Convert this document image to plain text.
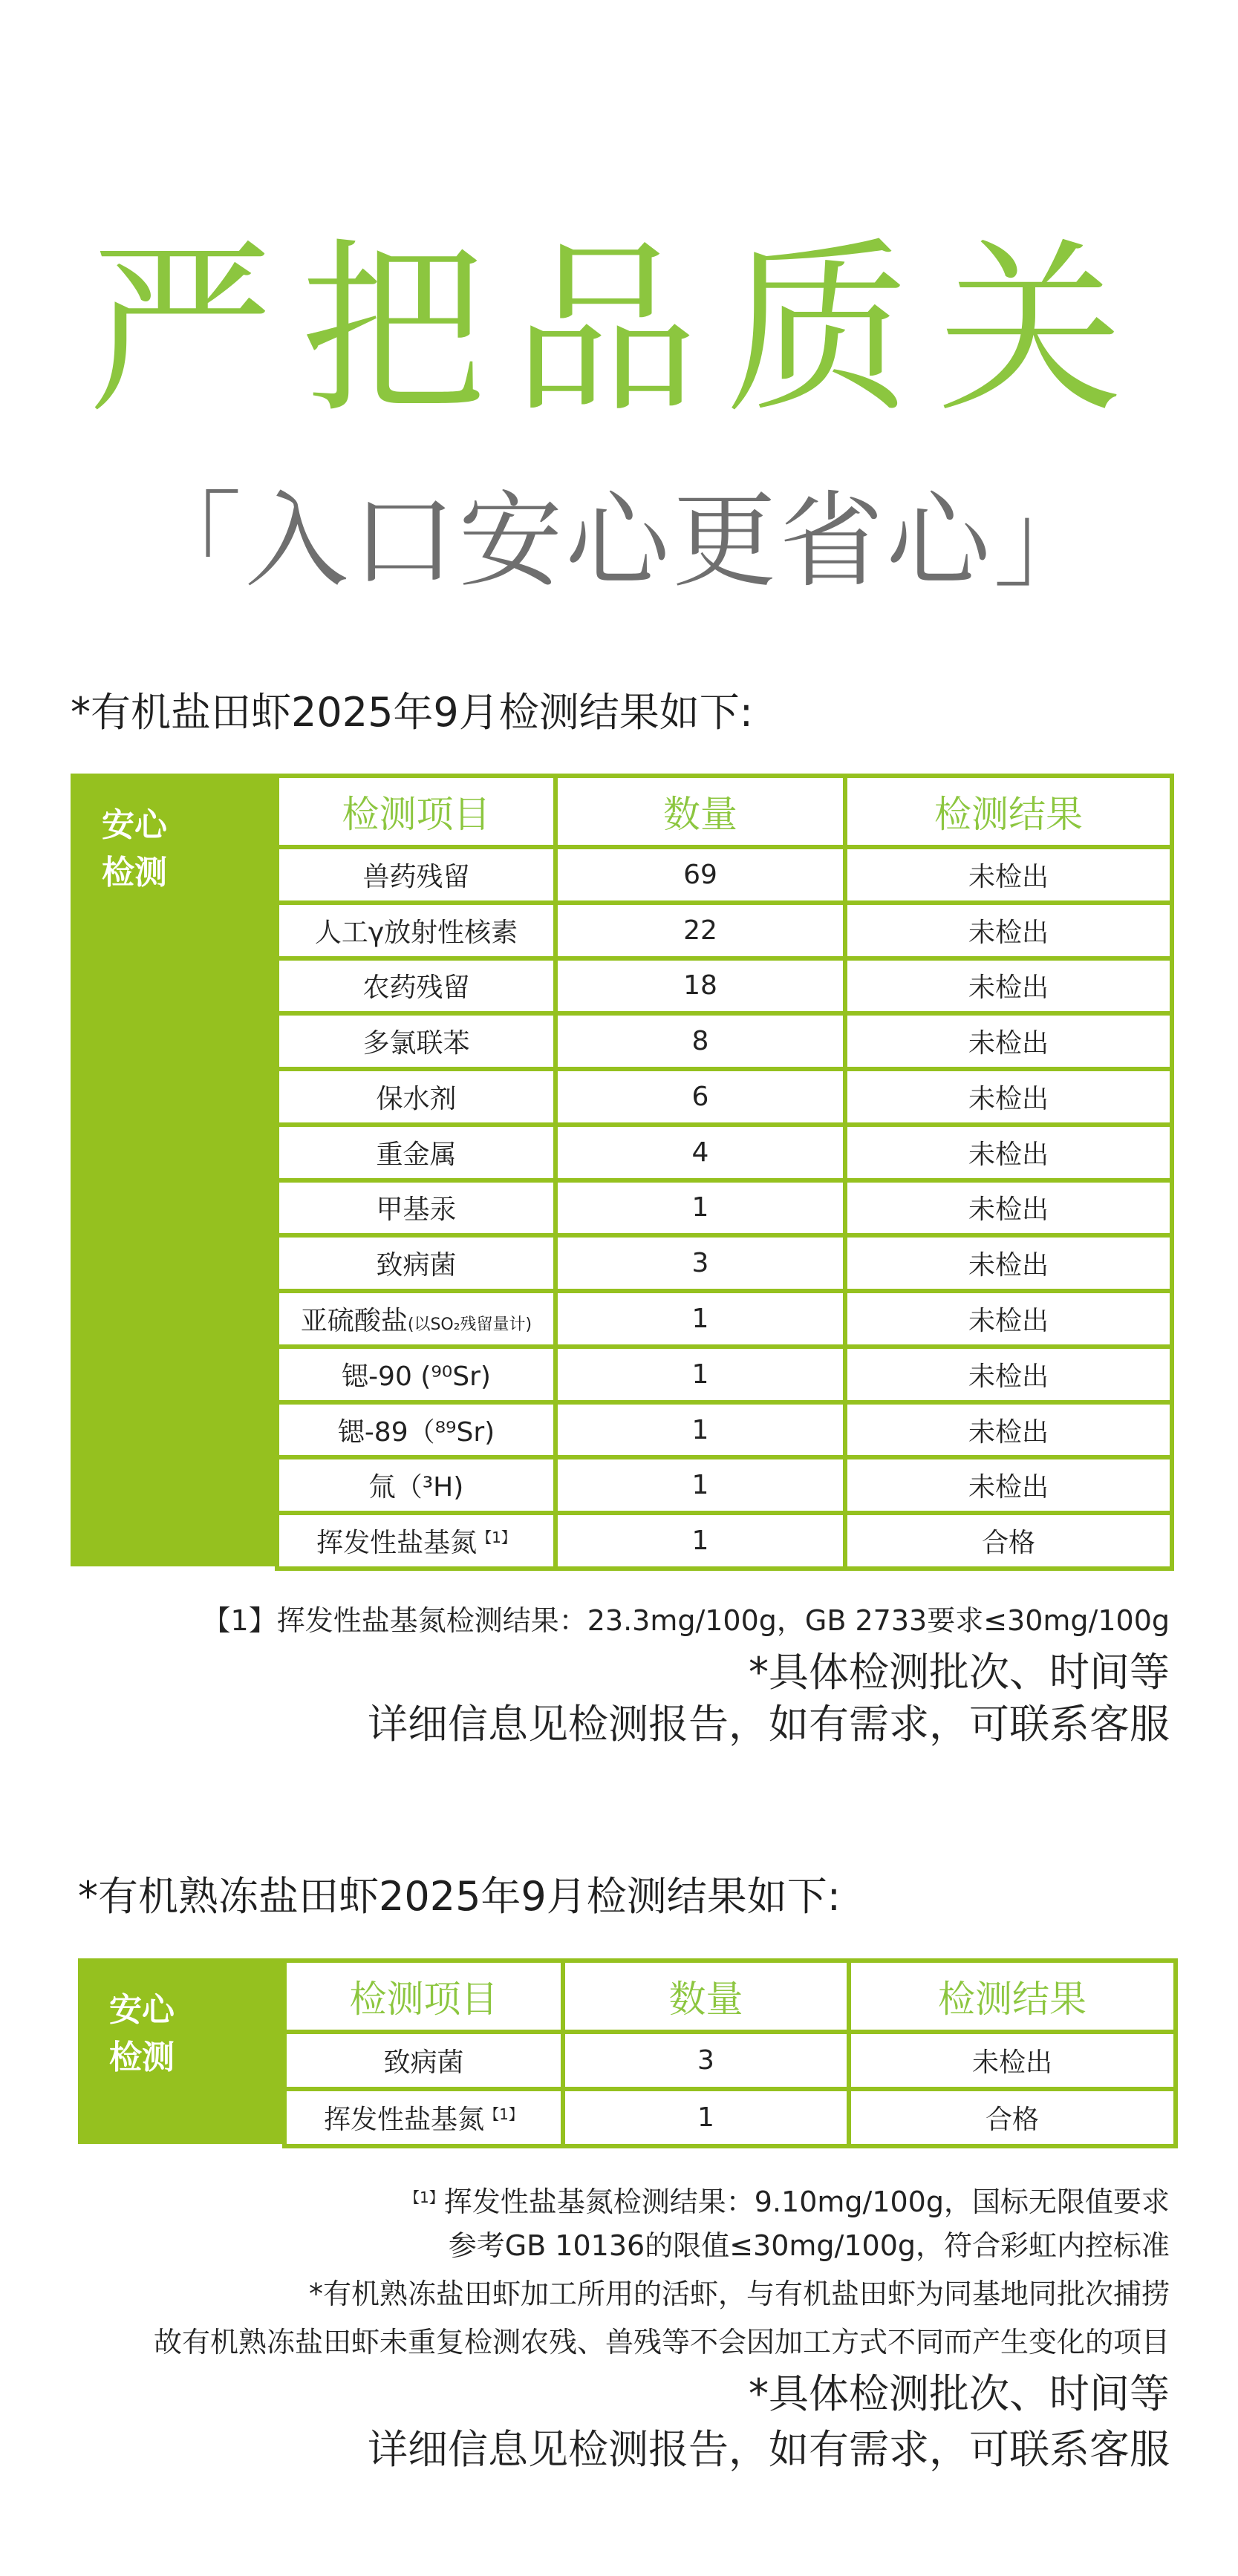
严把品质关
「入口安心更省心」
*有机盐田虾2025年9月检测结果如下:
安心
检测
检测项目	数量	检测结果
兽药残留	69	未检出
人工γ放射性核素	22	未检出
农药残留	18	未检出
多氯联苯	8	未检出
保水剂	6	未检出
重金属	4	未检出
甲基汞	1	未检出
致病菌	3	未检出
亚硫酸盐(以SO₂残留量计)	1	未检出
锶-90 (⁹⁰Sr)	1	未检出
锶-89（⁸⁹Sr)	1	未检出
氚（³H)	1	未检出
挥发性盐基氮$^{【1】}$	1	合格
【1】挥发性盐基氮检测结果：23.3mg/100g，GB 2733要求≤30mg/100g
*具体检测批次、时间等
详细信息见检测报告，如有需求，可联系客服
*有机熟冻盐田虾2025年9月检测结果如下:
安心
检测
检测项目	数量	检测结果
致病菌	3	未检出
挥发性盐基氮$^{【1】}$	1	合格
$^{【1】}$挥发性盐基氮检测结果：9.10mg/100g，国标无限值要求
参考GB 10136的限值≤30mg/100g，符合彩虹内控标准
*有机熟冻盐田虾加工所用的活虾，与有机盐田虾为同基地同批次捕捞
故有机熟冻盐田虾未重复检测农残、兽残等不会因加工方式不同而产生变化的项目
*具体检测批次、时间等
详细信息见检测报告，如有需求，可联系客服
